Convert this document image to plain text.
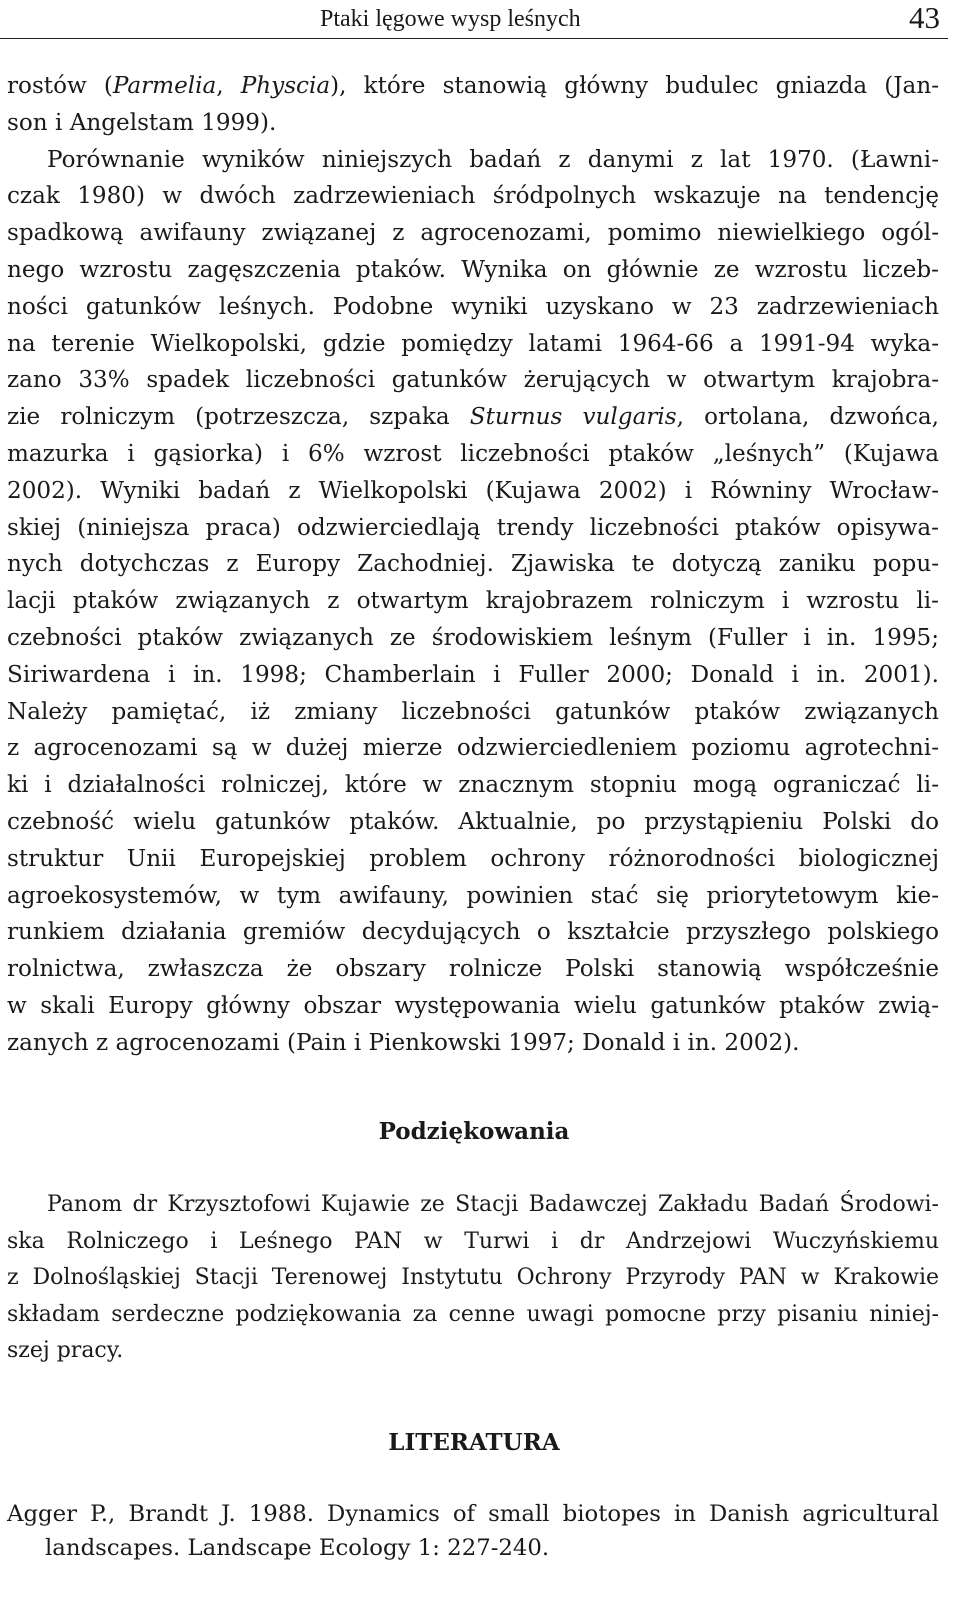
Ptaki lęgowe wysp leśnych	43
rostów (Parmelia, Physcia), które stanowią główny budulec gniazda (Jan-
son i Angelstam 1999).
Porównanie wyników niniejszych badań z danymi z lat 1970. (Ławni-
czak 1980) w dwóch zadrzewieniach śródpolnych wskazuje na tendencję
spadkową awifauny związanej z agrocenozami, pomimo niewielkiego ogól-
nego wzrostu zagęszczenia ptaków. Wynika on głównie ze wzrostu liczeb-
ności gatunków leśnych. Podobne wyniki uzyskano w 23 zadrzewieniach
na terenie Wielkopolski, gdzie pomiędzy latami 1964-66 a 1991-94 wyka-
zano 33% spadek liczebności gatunków żerujących w otwartym krajobra-
zie rolniczym (potrzeszcza, szpaka Sturnus vulgaris, ortolana, dzwońca,
mazurka i gąsiorka) i 6% wzrost liczebności ptaków „leśnych” (Kujawa
2002). Wyniki badań z Wielkopolski (Kujawa 2002) i Równiny Wrocław-
skiej (niniejsza praca) odzwierciedlają trendy liczebności ptaków opisywa-
nych dotychczas z Europy Zachodniej. Zjawiska te dotyczą zaniku popu-
lacji ptaków związanych z otwartym krajobrazem rolniczym i wzrostu li-
czebności ptaków związanych ze środowiskiem leśnym (Fuller i in. 1995;
Siriwardena i in. 1998; Chamberlain i Fuller 2000; Donald i in. 2001).
Należy pamiętać, iż zmiany liczebności gatunków ptaków związanych
z agrocenozami są w dużej mierze odzwierciedleniem poziomu agrotechni-
ki i działalności rolniczej, które w znacznym stopniu mogą ograniczać li-
czebność wielu gatunków ptaków. Aktualnie, po przystąpieniu Polski do
struktur Unii Europejskiej problem ochrony różnorodności biologicznej
agroekosystemów, w tym awifauny, powinien stać się priorytetowym kie-
runkiem działania gremiów decydujących o kształcie przyszłego polskiego
rolnictwa, zwłaszcza że obszary rolnicze Polski stanowią współcześnie
w skali Europy główny obszar występowania wielu gatunków ptaków zwią-
zanych z agrocenozami (Pain i Pienkowski 1997; Donald i in. 2002).
Podziękowania
Panom dr Krzysztofowi Kujawie ze Stacji Badawczej Zakładu Badań Środowi-
ska Rolniczego i Leśnego PAN w Turwi i dr Andrzejowi Wuczyńskiemu
z Dolnośląskiej Stacji Terenowej Instytutu Ochrony Przyrody PAN w Krakowie
składam serdeczne podziękowania za cenne uwagi pomocne przy pisaniu niniej-
szej pracy.
LITERATURA
Agger P., Brandt J. 1988. Dynamics of small biotopes in Danish agricultural
landscapes. Landscape Ecology 1: 227-240.
